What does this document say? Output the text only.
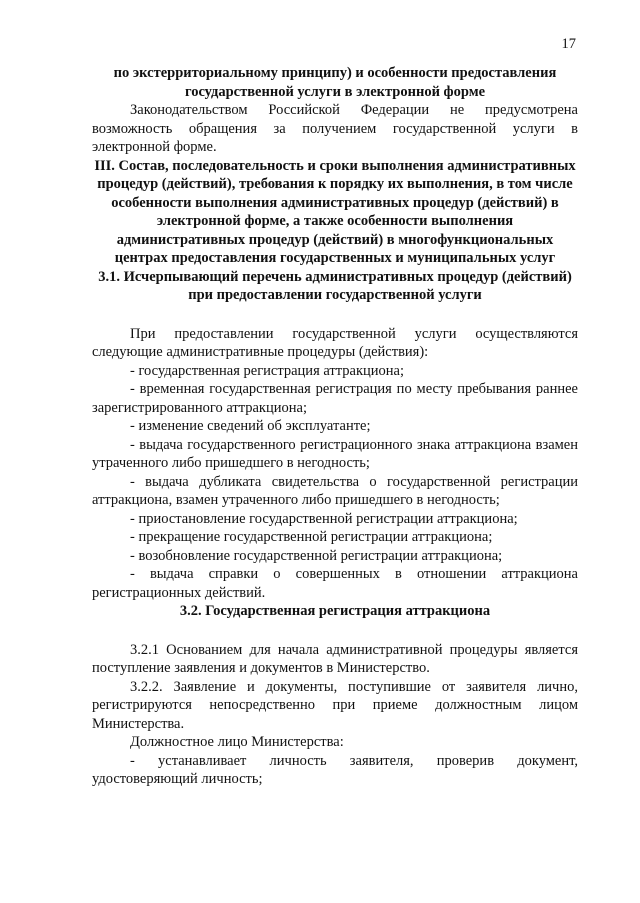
17

по экстерриториальному принципу) и особенности предоставления государственной услуги в электронной форме

Законодательством Российской Федерации не предусмотрена возможность обращения за получением государственной услуги в электронной форме.

III. Состав, последовательность и сроки выполнения административных процедур (действий), требования к порядку их выполнения, в том числе особенности выполнения административных процедур (действий) в электронной форме, а также особенности выполнения административных процедур (действий) в многофункциональных центрах предоставления государственных и муниципальных услуг

3.1. Исчерпывающий перечень административных процедур (действий) при предоставлении государственной услуги

При предоставлении государственной услуги осуществляются следующие административные процедуры (действия):

- государственная регистрация аттракциона;

- временная государственная регистрация по месту пребывания раннее зарегистрированного аттракциона;

- изменение сведений об эксплуатанте;

- выдача государственного регистрационного знака аттракциона взамен утраченного либо пришедшего в негодность;

- выдача дубликата свидетельства о государственной регистрации аттракциона, взамен утраченного либо пришедшего в негодность;

- приостановление государственной регистрации аттракциона;

- прекращение государственной регистрации аттракциона;

- возобновление государственной регистрации аттракциона;

- выдача справки о совершенных в отношении аттракциона регистрационных действий.

3.2. Государственная регистрация аттракциона

3.2.1 Основанием для начала административной процедуры является поступление заявления и документов в Министерство.

3.2.2. Заявление и документы, поступившие от заявителя лично, регистрируются непосредственно при приеме должностным лицом Министерства.

Должностное лицо Министерства:

- устанавливает личность заявителя, проверив документ, удостоверяющий личность;
